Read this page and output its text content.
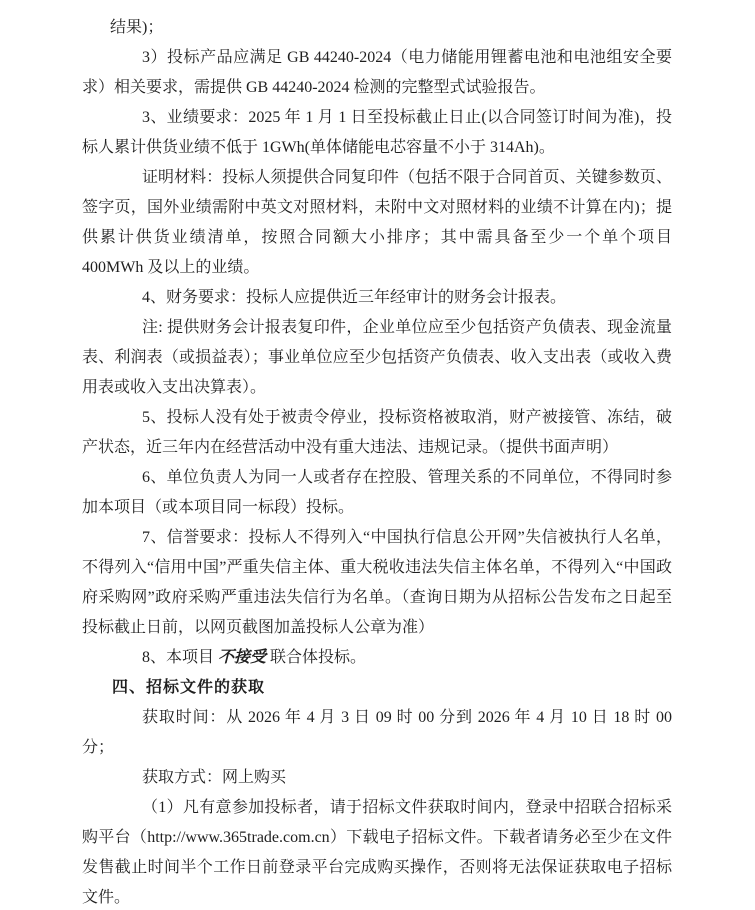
结果)；

3）投标产品应满足 GB 44240-2024（电力储能用锂蓄电池和电池组安全要求）相关要求，需提供 GB 44240-2024 检测的完整型式试验报告。

3、业绩要求：2025 年 1 月 1 日至投标截止日止(以合同签订时间为准)，投标人累计供货业绩不低于 1GWh(单体储能电芯容量不小于 314Ah)。

证明材料：投标人须提供合同复印件（包括不限于合同首页、关键参数页、签字页，国外业绩需附中英文对照材料，未附中文对照材料的业绩不计算在内)；提供累计供货业绩清单，按照合同额大小排序；其中需具备至少一个单个项目 400MWh 及以上的业绩。

4、财务要求：投标人应提供近三年经审计的财务会计报表。

注: 提供财务会计报表复印件，企业单位应至少包括资产负债表、现金流量表、利润表（或损益表）；事业单位应至少包括资产负债表、收入支出表（或收入费用表或收入支出决算表）。

5、投标人没有处于被责令停业，投标资格被取消，财产被接管、冻结，破产状态，近三年内在经营活动中没有重大违法、违规记录。（提供书面声明）

6、单位负责人为同一人或者存在控股、管理关系的不同单位，不得同时参加本项目（或本项目同一标段）投标。

7、信誉要求：投标人不得列入“中国执行信息公开网”失信被执行人名单，不得列入“信用中国”严重失信主体、重大税收违法失信主体名单，不得列入“中国政府采购网”政府采购严重违法失信行为名单。（查询日期为从招标公告发布之日起至投标截止日前，以网页截图加盖投标人公章为准）

8、本项目 不接受 联合体投标。

四、招标文件的获取

获取时间：从 2026 年 4 月 3 日 09 时 00 分到 2026 年 4 月 10 日 18 时 00 分；

获取方式：网上购买

（1）凡有意参加投标者，请于招标文件获取时间内，登录中招联合招标采购平台（http://www.365trade.com.cn）下载电子招标文件。下载者请务必至少在文件发售截止时间半个工作日前登录平台完成购买操作，否则将无法保证获取电子招标文件。
